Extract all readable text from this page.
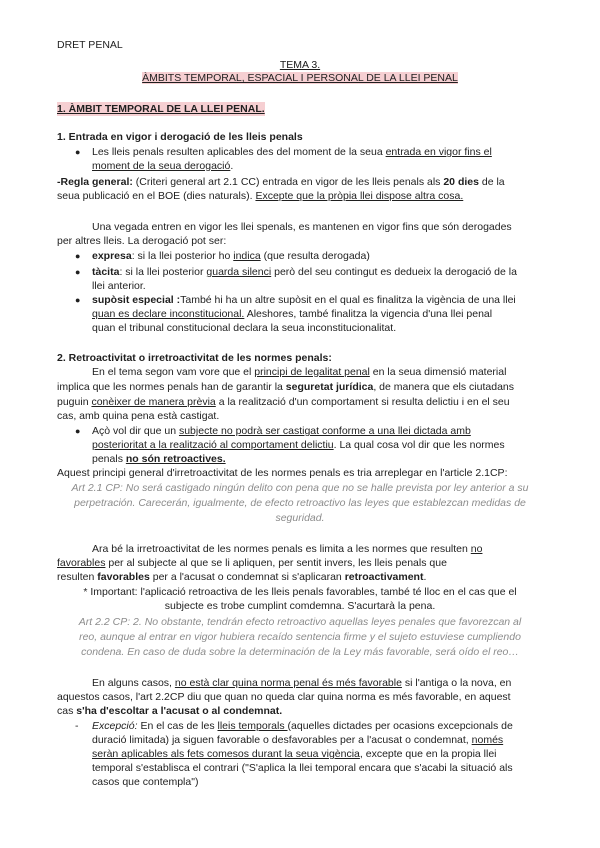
DRET PENAL
TEMA 3.
ÀMBITS TEMPORAL, ESPACIAL I PERSONAL DE LA LLEI PENAL
1. ÀMBIT TEMPORAL DE LA LLEI PENAL.
1. Entrada en vigor i derogació de les lleis penals
● Les lleis penals resulten aplicables des del moment de la seua entrada en vigor fins el
moment de la seua derogació.
-Regla general: (Criteri general art 2.1 CC) entrada en vigor de les lleis penals als 20 dies de la
seua publicació en el BOE (dies naturals). Excepte que la pròpia llei dispose altra cosa.
Una vegada entren en vigor les llei spenals, es mantenen en vigor fins que són derogades
per altres lleis. La derogació pot ser:
● expresa: si la llei posterior ho indica (que resulta derogada)
● tàcita: si la llei posterior guarda silenci però del seu contingut es dedueix la derogació de la
llei anterior.
● supòsit especial :També hi ha un altre supòsit en el qual es finalitza la vigència de una llei
quan es declare inconstitucional. Aleshores, també finalitza la vigencia d'una llei penal
quan el tribunal constitucional declara la seua inconstitucionalitat.
2. Retroactivitat o irretroactivitat de les normes penals:
En el tema segon vam vore que el principi de legalitat penal en la seua dimensió material
implica que les normes penals han de garantir la seguretat jurídica, de manera que els ciutadans
puguin conèixer de manera prèvia a la realització d'un comportament si resulta delictiu i en el seu
cas, amb quina pena està castigat.
● Açò vol dir que un subjecte no podrà ser castigat conforme a una llei dictada amb
posterioritat a la realització al comportament delictiu. La qual cosa vol dir que les normes
penals no són retroactives.
Aquest principi general d'irretroactivitat de les normes penals es tria arreplegar en l'article 2.1CP:
Art 2.1 CP: No será castigado ningún delito con pena que no se halle prevista por ley anterior a su
perpetración. Carecerán, igualmente, de efecto retroactivo las leyes que establezcan medidas de
seguridad.
Ara bé la irretroactivitat de les normes penals es limita a les normes que resulten no
favorables per al subjecte al que se li apliquen, per sentit invers, les lleis penals que
resulten favorables per a l'acusat o condemnat si s'aplicaran retroactivament.
* Important: l'aplicació retroactiva de les lleis penals favorables, també té lloc en el cas que el
subjecte es trobe cumplint comdemna. S'acurtarà la pena.
Art 2.2 CP: 2. No obstante, tendrán efecto retroactivo aquellas leyes penales que favorezcan al
reo, aunque al entrar en vigor hubiera recaído sentencia firme y el sujeto estuviese cumpliendo
condena. En caso de duda sobre la determinación de la Ley más favorable, será oído el reo…
En alguns casos, no està clar quina norma penal és més favorable si l'antiga o la nova, en
aquestos casos, l'art 2.2CP diu que quan no queda clar quina norma es més favorable, en aquest
cas s'ha d'escoltar a l'acusat o al condemnat.
- Excepció: En el cas de les lleis temporals (aquelles dictades per ocasions excepcionals de
duració limitada) ja siguen favorable o desfavorables per a l'acusat o condemnat, només
seràn aplicables als fets comesos durant la seua vigència, excepte que en la propia llei
temporal s'establisca el contrari ("S'aplica la llei temporal encara que s'acabi la situació als
casos que contempla")
